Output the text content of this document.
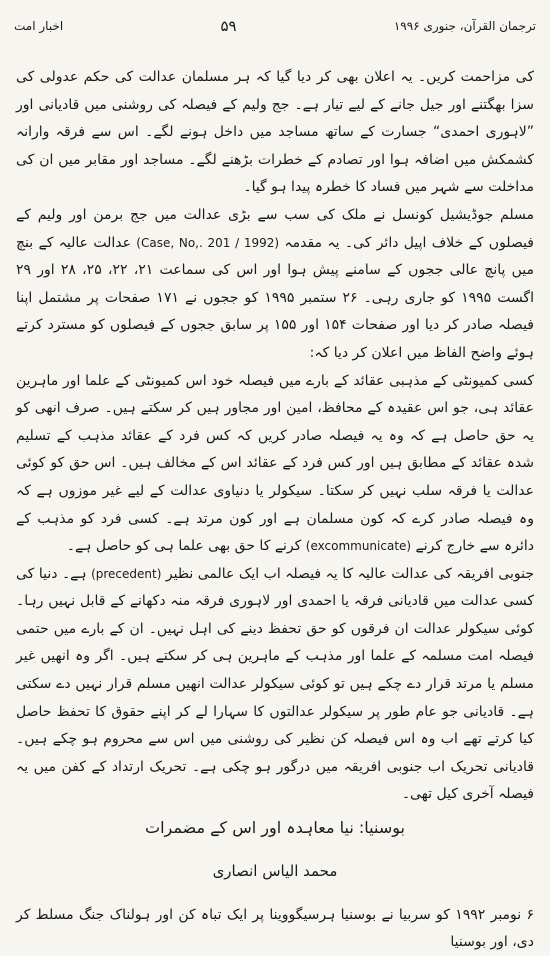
ترجمان القرآن، جنوری ۱۹۹۶
۵۹
اخبار امت

کی مزاحمت کریں۔ یہ اعلان بھی کر دیا گیا کہ ہر مسلمان عدالت کی حکم عدولی کی سزا بھگتنے اور جیل جانے کے لیے تیار ہے۔ جج ولیم کے فیصلہ کی روشنی میں قادیانی اور ”لاہوری احمدی“ جسارت کے ساتھ مساجد میں داخل ہونے لگے۔ اس سے فرقہ وارانہ کشمکش میں اضافہ ہوا اور تصادم کے خطرات بڑھنے لگے۔ مساجد اور مقابر میں ان کی مداخلت سے شہر میں فساد کا خطرہ پیدا ہو گیا۔

مسلم جوڈیشیل کونسل نے ملک کی سب سے بڑی عدالت میں جج برمن اور ولیم کے فیصلوں کے خلاف اپیل دائر کی۔ یہ مقدمہ (Case, No,. 201 / 1992) عدالت عالیہ کے بنچ میں پانچ عالی ججوں کے سامنے پیش ہوا اور اس کی سماعت ۲۱، ۲۲، ۲۵، ۲۸ اور ۲۹ اگست ۱۹۹۵ کو جاری رہی۔ ۲۶ ستمبر ۱۹۹۵ کو ججوں نے ۱۷۱ صفحات پر مشتمل اپنا فیصلہ صادر کر دیا اور صفحات ۱۵۴ اور ۱۵۵ پر سابق ججوں کے فیصلوں کو مسترد کرتے ہوئے واضح الفاظ میں اعلان کر دیا کہ:

کسی کمیونٹی کے مذہبی عقائد کے بارے میں فیصلہ خود اس کمیونٹی کے علما اور ماہرین عقائد ہی، جو اس عقیدہ کے محافظ، امین اور مجاور ہیں کر سکتے ہیں۔ صرف انھی کو یہ حق حاصل ہے کہ وہ یہ فیصلہ صادر کریں کہ کس فرد کے عقائد مذہب کے تسلیم شدہ عقائد کے مطابق ہیں اور کس فرد کے عقائد اس کے مخالف ہیں۔ اس حق کو کوئی عدالت یا فرقہ سلب نہیں کر سکتا۔ سیکولر یا دنیاوی عدالت کے لیے غیر موزوں ہے کہ وہ فیصلہ صادر کرے کہ کون مسلمان ہے اور کون مرتد ہے۔ کسی فرد کو مذہب کے دائرہ سے خارج کرنے (excommunicate) کرنے کا حق بھی علما ہی کو حاصل ہے۔

جنوبی افریقہ کی عدالت عالیہ کا یہ فیصلہ اب ایک عالمی نظیر (precedent) ہے۔ دنیا کی کسی عدالت میں قادیانی فرقہ یا احمدی اور لاہوری فرقہ منہ دکھانے کے قابل نہیں رہا۔ کوئی سیکولر عدالت ان فرقوں کو حق تحفظ دینے کی اہل نہیں۔ ان کے بارے میں حتمی فیصلہ امت مسلمہ کے علما اور مذہب کے ماہرین ہی کر سکتے ہیں۔ اگر وہ انھیں غیر مسلم یا مرتد قرار دے چکے ہیں تو کوئی سیکولر عدالت انھیں مسلم قرار نہیں دے سکتی ہے۔ قادیانی جو عام طور پر سیکولر عدالتوں کا سہارا لے کر اپنے حقوق کا تحفظ حاصل کیا کرتے تھے اب وہ اس فیصلہ کن نظیر کی روشنی میں اس سے محروم ہو چکے ہیں۔ قادیانی تحریک اب جنوبی افریقہ میں درگور ہو چکی ہے۔ تحریک ارتداد کے کفن میں یہ فیصلہ آخری کیل تھی۔

بوسنیا: نیا معاہدہ اور اس کے مضمرات
محمد الیاس انصاری
۶ نومبر ۱۹۹۲ کو سربیا نے بوسنیا ہرسیگووینا پر ایک تباہ کن اور ہولناک جنگ مسلط کر دی، اور بوسنیا
